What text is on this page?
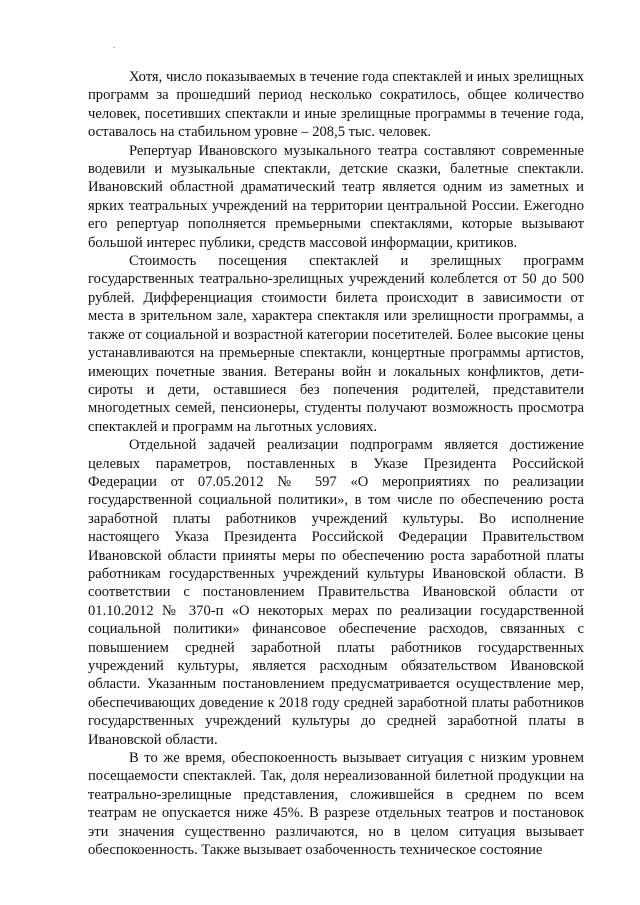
Хотя, число показываемых в течение года спектаклей и иных зрелищных программ за прошедший период несколько сократилось, общее количество человек, посетивших спектакли и иные зрелищные программы в течение года, оставалось на стабильном уровне – 208,5 тыс. человек.

Репертуар Ивановского музыкального театра составляют современные водевили и музыкальные спектакли, детские сказки, балетные спектакли. Ивановский областной драматический театр является одним из заметных и ярких театральных учреждений на территории центральной России. Ежегодно его репертуар пополняется премьерными спектаклями, которые вызывают большой интерес публики, средств массовой информации, критиков.

Стоимость посещения спектаклей и зрелищных программ государственных театрально-зрелищных учреждений колеблется от 50 до 500 рублей. Дифференциация стоимости билета происходит в зависимости от места в зрительном зале, характера спектакля или зрелищности программы, а также от социальной и возрастной категории посетителей. Более высокие цены устанавливаются на премьерные спектакли, концертные программы артистов, имеющих почетные звания. Ветераны войн и локальных конфликтов, дети-сироты и дети, оставшиеся без попечения родителей, представители многодетных семей, пенсионеры, студенты получают возможность просмотра спектаклей и программ на льготных условиях.

Отдельной задачей реализации подпрограмм является достижение целевых параметров, поставленных в Указе Президента Российской Федерации от 07.05.2012 № 597 «О мероприятиях по реализации государственной социальной политики», в том числе по обеспечению роста заработной платы работников учреждений культуры. Во исполнение настоящего Указа Президента Российской Федерации Правительством Ивановской области приняты меры по обеспечению роста заработной платы работникам государственных учреждений культуры Ивановской области. В соответствии с постановлением Правительства Ивановской области от 01.10.2012 № 370-п «О некоторых мерах по реализации государственной социальной политики» финансовое обеспечение расходов, связанных с повышением средней заработной платы работников государственных учреждений культуры, является расходным обязательством Ивановской области. Указанным постановлением предусматривается осуществление мер, обеспечивающих доведение к 2018 году средней заработной платы работников государственных учреждений культуры до средней заработной платы в Ивановской области.

В то же время, обеспокоенность вызывает ситуация с низким уровнем посещаемости спектаклей. Так, доля нереализованной билетной продукции на театрально-зрелищные представления, сложившейся в среднем по всем театрам не опускается ниже 45%. В разрезе отдельных театров и постановок эти значения существенно различаются, но в целом ситуация вызывает обеспокоенность. Также вызывает озабоченность техническое состояние
